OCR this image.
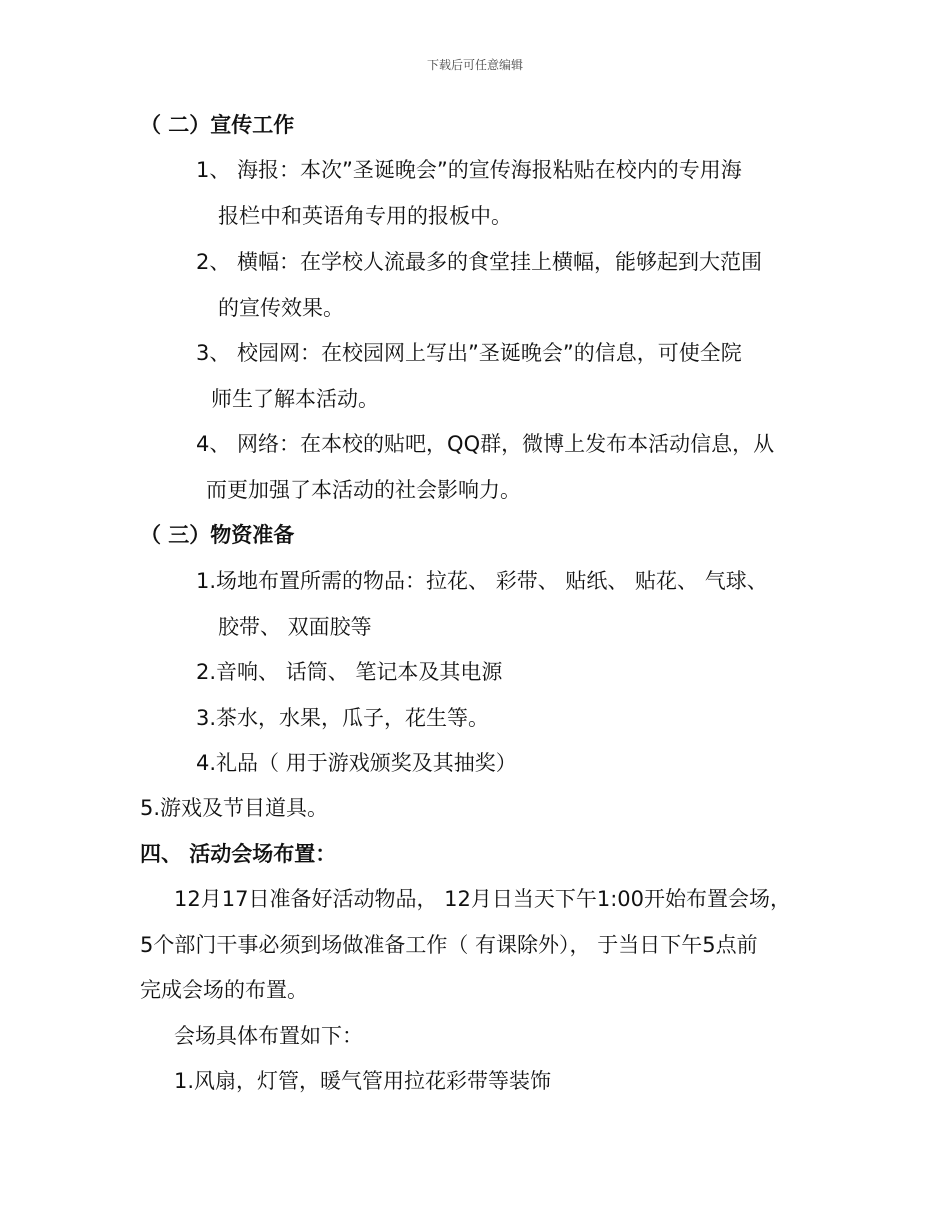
下载后可任意编辑
（ 二）宣传工作
1、 海报：本次”圣诞晚会”的宣传海报粘贴在校内的专用海
报栏中和英语角专用的报板中。
2、 横幅：在学校人流最多的食堂挂上横幅，能够起到大范围
的宣传效果。
3、 校园网：在校园网上写出”圣诞晚会”的信息，可使全院
师生了解本活动。
4、 网络：在本校的贴吧，QQ群，微博上发布本活动信息，从
而更加强了本活动的社会影响力。
（ 三）物资准备
1.场地布置所需的物品：拉花、 彩带、 贴纸、 贴花、 气球、
胶带、 双面胶等
2.音响、 话筒、 笔记本及其电源
3.茶水，水果，瓜子，花生等。
4.礼品（ 用于游戏颁奖及其抽奖）
5.游戏及节目道具。
四、 活动会场布置：
12月17日准备好活动物品， 12月日当天下午1:00开始布置会场，
5个部门干事必须到场做准备工作（ 有课除外）， 于当日下午5点前
完成会场的布置。
会场具体布置如下：
1.风扇，灯管，暖气管用拉花彩带等装饰
